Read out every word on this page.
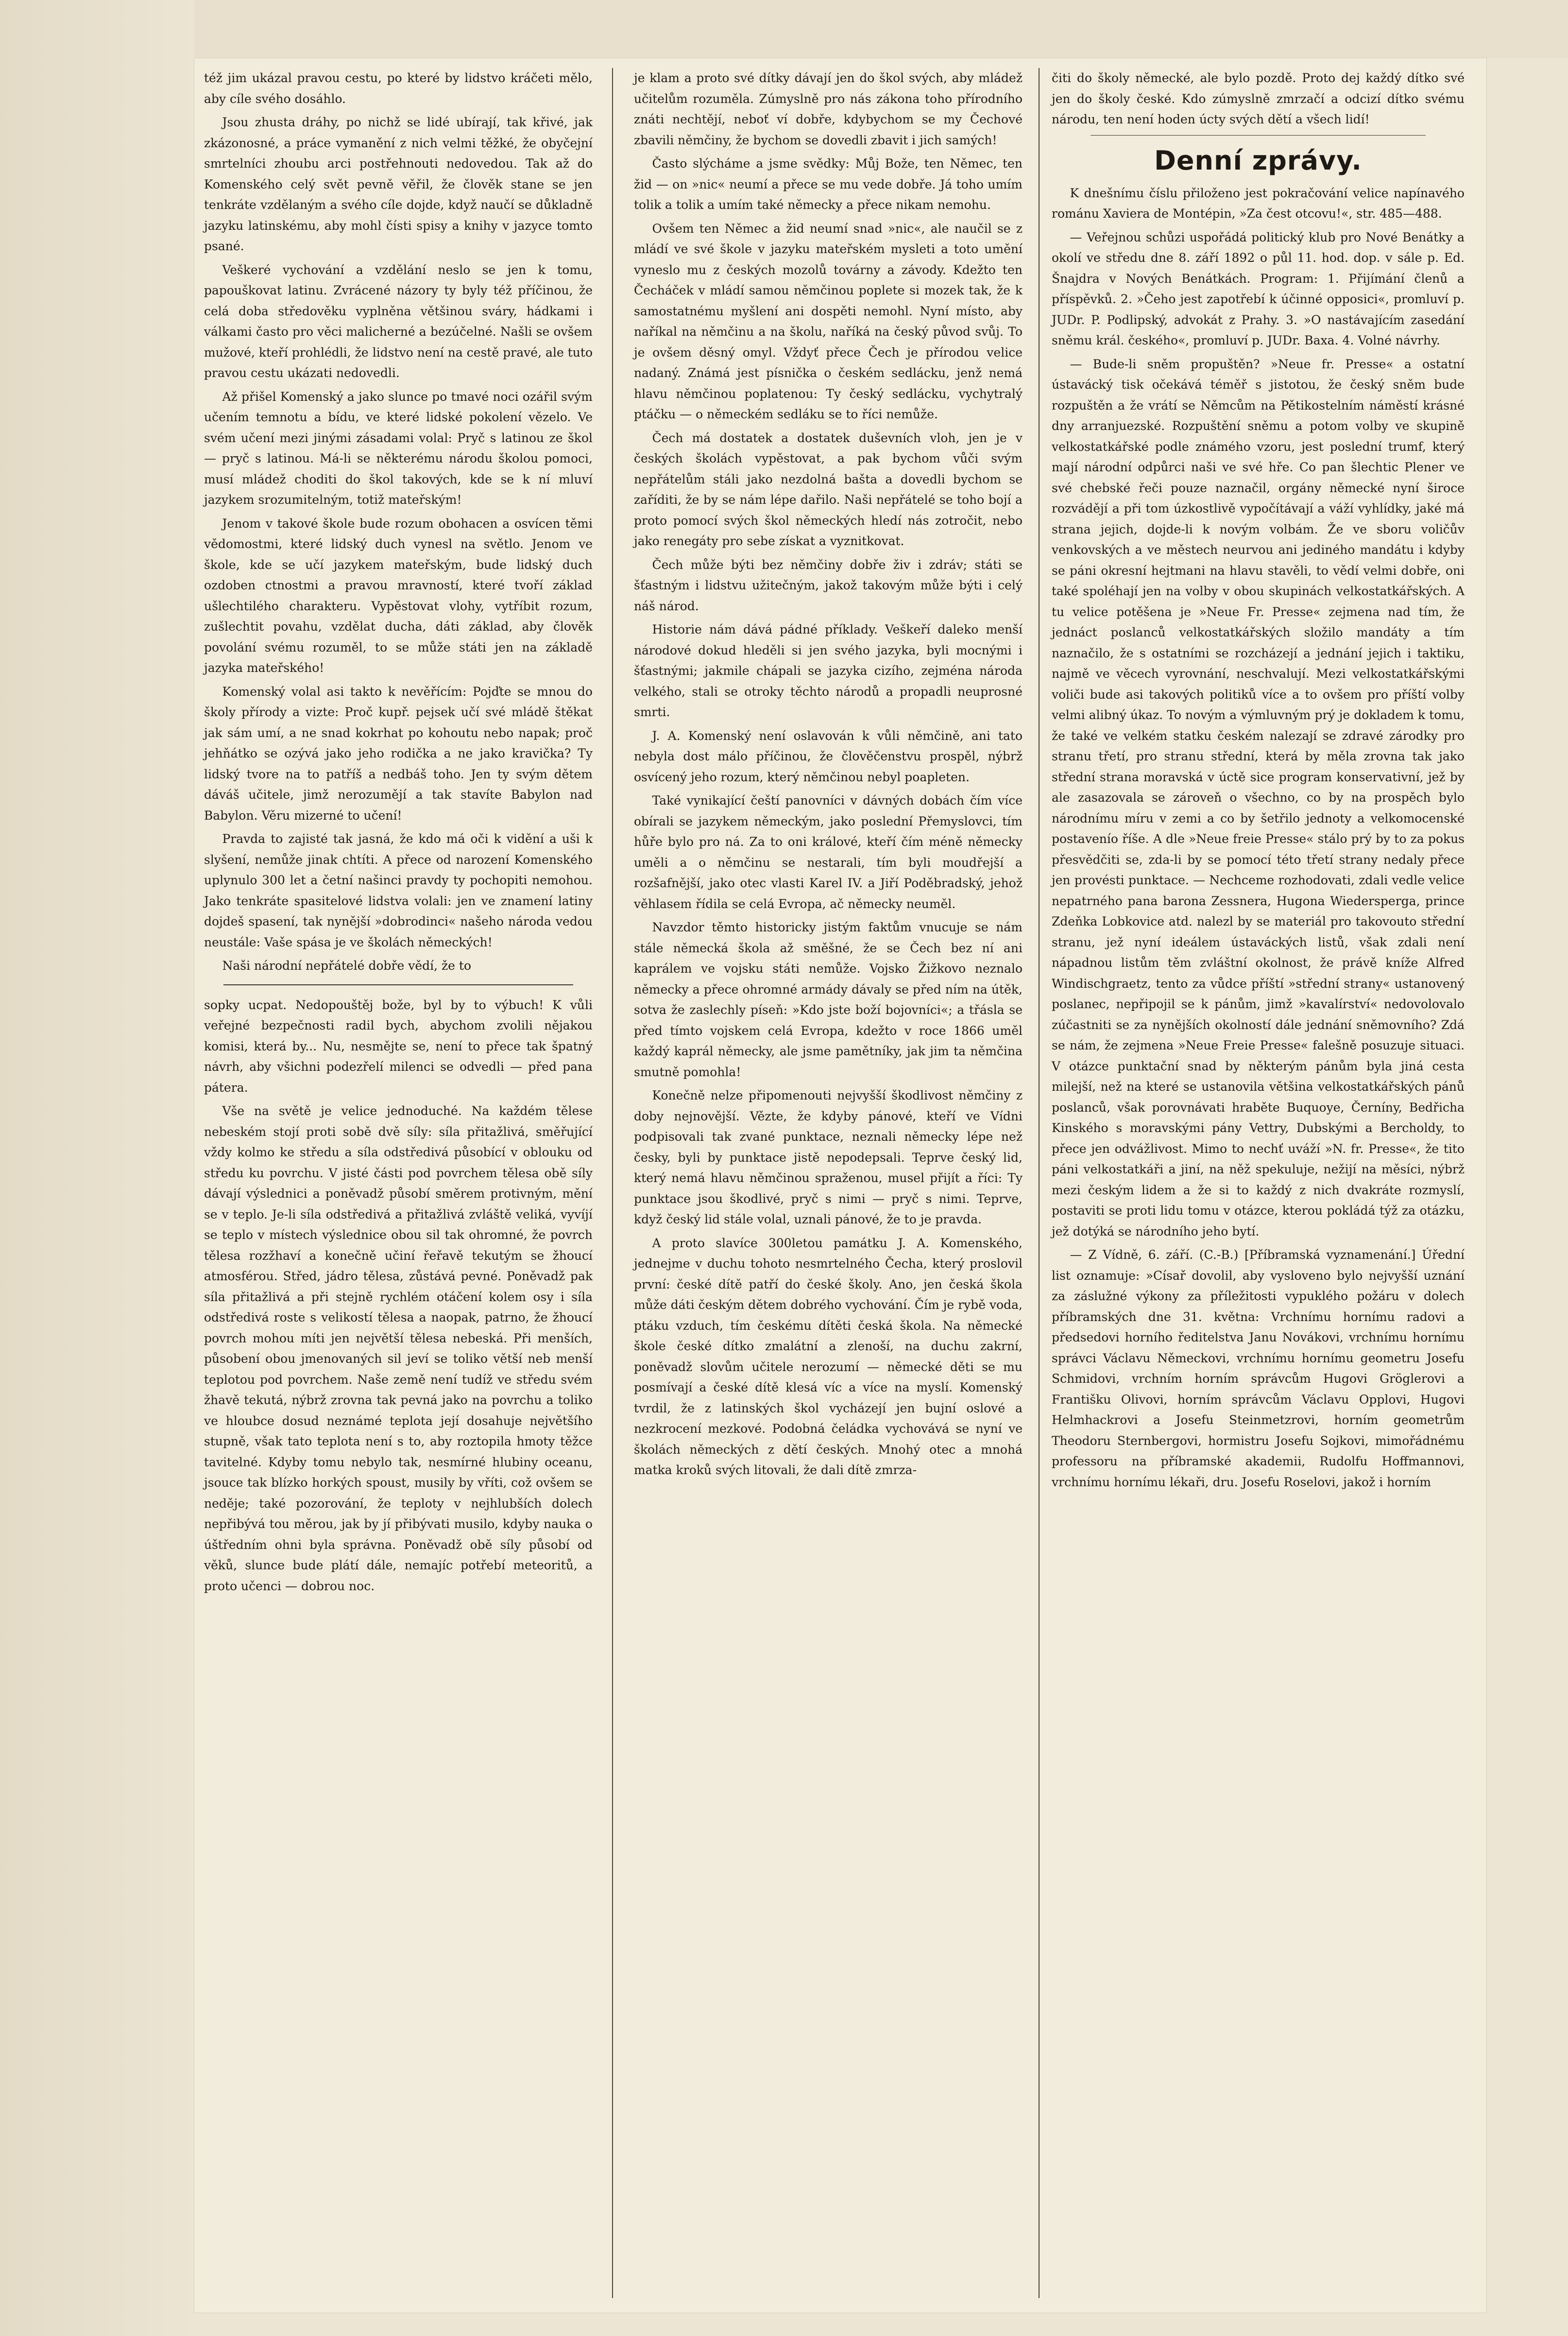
též jim ukázal pravou cestu, po které by lidstvo kráčeti mělo, aby cíle svého dosáhlo.

Jsou zhusta dráhy, po nichž se lidé ubírají, tak křivé, jak zkázonosné, a práce vymanění z nich velmi těžké, že obyčejní smrtelníci zhoubu arci postřehnouti nedovedou. Tak až do Komenského celý svět pevně věřil, že člověk stane se jen tenkráte vzdělaným a svého cíle dojde, když naučí se důkladně jazyku latinskému, aby mohl čísti spisy a knihy v jazyce tomto psané.

Veškeré vychování a vzdělání neslo se jen k tomu, papouškovat latinu. Zvrácené názory ty byly též příčinou, že celá doba středověku vyplněna většinou sváry, hádkami i válkami často pro věci malicherné a bezúčelné. Našli se ovšem mužové, kteří prohlédli, že lidstvo není na cestě pravé, ale tuto pravou cestu ukázati nedovedli.

Až přišel Komenský a jako slunce po tmavé noci ozářil svým učením temnotu a bídu, ve které lidské pokolení vězelo. Ve svém učení mezi jinými zásadami volal: Pryč s latinou ze škol — pryč s latinou. Má-li se některému národu školou pomoci, musí mládež choditi do škol takových, kde se k ní mluví jazykem srozumitelným, totiž mateřským!

Jenom v takové škole bude rozum obohacen a osvícen těmi vědomostmi, které lidský duch vynesl na světlo. Jenom ve škole, kde se učí jazykem mateřským, bude lidský duch ozdoben ctnostmi a pravou mravností, které tvoří základ ušlechtilého charakteru. Vypěstovat vlohy, vytříbit rozum, zušlechtit povahu, vzdělat ducha, dáti základ, aby člověk povolání svému rozuměl, to se může státi jen na základě jazyka mateřského!

Komenský volal asi takto k nevěřícím: Pojďte se mnou do školy přírody a vizte: Proč kupř. pejsek učí své mládě štěkat jak sám umí, a ne snad kokrhat po kohoutu nebo napak; proč jehňátko se ozývá jako jeho rodička a ne jako kravička? Ty lidský tvore na to patříš a nedbáš toho. Jen ty svým dětem dáváš učitele, jimž nerozumějí a tak stavíte Babylon nad Babylon. Věru mizerné to učení!

Pravda to zajisté tak jasná, že kdo má oči k vidění a uši k slyšení, nemůže jinak chtíti. A přece od narození Komenského uplynulo 300 let a četní našinci pravdy ty pochopiti nemohou. Jako tenkráte spasitelové lidstva volali: jen ve znamení latiny dojdeš spasení, tak nynější »dobrodinci« našeho národa vedou neustále: Vaše spása je ve školách německých!

Naši národní nepřátelé dobře vědí, že to

sopky ucpat. Nedopouštěj bože, byl by to výbuch! K vůli veřejné bezpečnosti radil bych, abychom zvolili nějakou komisi, která by... Nu, nesmějte se, není to přece tak špatný návrh, aby všichni podezřelí milenci se odvedli — před pana pátera.

Vše na světě je velice jednoduché. Na každém tělese nebeském stojí proti sobě dvě síly: síla přitažlivá, směřující vždy kolmo ke středu a síla odstředivá působící v oblouku od středu ku povrchu. V jisté části pod povrchem tělesa obě síly dávají výslednici a poněvadž působí směrem protivným, mění se v teplo. Je-li síla odstředivá a přitažlivá zvláště veliká, vyvíjí se teplo v místech výslednice obou sil tak ohromné, že povrch tělesa rozžhaví a konečně učiní řeřavě tekutým se žhoucí atmosférou. Střed, jádro tělesa, zůstává pevné. Poněvadž pak síla přitažlivá a při stejně rychlém otáčení kolem osy i síla odstředivá roste s velikostí tělesa a naopak, patrno, že žhoucí povrch mohou míti jen největší tělesa nebeská. Při menších, působení obou jmenovaných sil jeví se toliko větší neb menší teplotou pod povrchem. Naše země není tudíž ve středu svém žhavě tekutá, nýbrž zrovna tak pevná jako na povrchu a toliko ve hloubce dosud neznámé teplota její dosahuje největšího stupně, však tato teplota není s to, aby roztopila hmoty těžce tavitelné. Kdyby tomu nebylo tak, nesmírné hlubiny oceanu, jsouce tak blízko horkých spoust, musily by vříti, což ovšem se neděje; také pozorování, že teploty v nejhlubších dolech nepřibývá tou měrou, jak by jí přibývati musilo, kdyby nauka o úštředním ohni byla správna. Poněvadž obě síly působí od věků, slunce bude plátí dále, nemajíc potřebí meteoritů, a proto učenci — dobrou noc.

je klam a proto své dítky dávají jen do škol svých, aby mládež učitelům rozuměla. Zúmyslně pro nás zákona toho přírodního znáti nechtějí, neboť ví dobře, kdybychom se my Čechové zbavili němčiny, že bychom se dovedli zbavit i jich samých!

Často slýcháme a jsme svědky: Můj Bože, ten Němec, ten žid — on »nic« neumí a přece se mu vede dobře. Já toho umím tolik a tolik a umím také německy a přece nikam nemohu.

Ovšem ten Němec a žid neumí snad »nic«, ale naučil se z mládí ve své škole v jazyku mateřském mysleti a toto umění vyneslo mu z českých mozolů továrny a závody. Kdežto ten Čecháček v mládí samou němčinou poplete si mozek tak, že k samostatnému myšlení ani dospěti nemohl. Nyní místo, aby naříkal na němčinu a na školu, naříká na český původ svůj. To je ovšem děsný omyl. Vždyť přece Čech je přírodou velice nadaný. Známá jest písnička o českém sedlácku, jenž nemá hlavu němčinou poplatenou: Ty český sedlácku, vychytralý ptáčku — o německém sedláku se to říci nemůže.

Čech má dostatek a dostatek duševních vloh, jen je v českých školách vypěstovat, a pak bychom vůči svým nepřátelům stáli jako nezdolná bašta a dovedli bychom se zaříditi, že by se nám lépe dařilo. Naši nepřátelé se toho bojí a proto pomocí svých škol německých hledí nás zotročit, nebo jako renegáty pro sebe získat a vyznitkovat.

Čech může býti bez němčiny dobře živ i zdráv; státi se šťastným i lidstvu užitečným, jakož takovým může býti i celý náš národ.

Historie nám dává pádné příklady. Veškeří daleko menší národové dokud hleděli si jen svého jazyka, byli mocnými i šťastnými; jakmile chápali se jazyka cizího, zejména národa velkého, stali se otroky těchto národů a propadli neuprosné smrti.

J. A. Komenský není oslavován k vůli němčině, ani tato nebyla dost málo příčinou, že člověčenstvu prospěl, nýbrž osvícený jeho rozum, který němčinou nebyl poapleten.

Také vynikající čeští panovníci v dávných dobách čím více obírali se jazykem německým, jako poslední Přemyslovci, tím hůře bylo pro ná. Za to oni králové, kteří čím méně německy uměli a o němčinu se nestarali, tím byli moudřejší a rozšafnější, jako otec vlasti Karel IV. a Jiří Poděbradský, jehož věhlasem řídila se celá Evropa, ač německy neuměl.

Navzdor těmto historicky jistým faktům vnucuje se nám stále německá škola až směšné, že se Čech bez ní ani kaprálem ve vojsku státi nemůže. Vojsko Žižkovo neznalo německy a přece ohromné armády dávaly se před ním na útěk, sotva že zaslechly píseň: »Kdo jste boží bojovníci«; a třásla se před tímto vojskem celá Evropa, kdežto v roce 1866 uměl každý kaprál německy, ale jsme pamětníky, jak jim ta němčina smutně pomohla!

Konečně nelze připomenouti nejvyšší škodlivost němčiny z doby nejnovější. Vězte, že kdyby pánové, kteří ve Vídni podpisovali tak zvané punktace, neznali německy lépe než česky, byli by punktace jistě nepodepsali. Teprve český lid, který nemá hlavu němčinou spraženou, musel přijít a říci: Ty punktace jsou škodlivé, pryč s nimi — pryč s nimi. Teprve, když český lid stále volal, uznali pánové, že to je pravda.

A proto slavíce 300letou památku J. A. Komenského, jednejme v duchu tohoto nesmrtelného Čecha, který proslovil první: české dítě patří do české školy. Ano, jen česká škola může dáti českým dětem dobrého vychování. Čím je rybě voda, ptáku vzduch, tím českému dítěti česká škola. Na německé škole české dítko zmalátní a zlenoší, na duchu zakrní, poněvadž slovům učitele nerozumí — německé děti se mu posmívají a české dítě klesá víc a více na myslí. Komenský tvrdil, že z latinských škol vycházejí jen bujní oslové a nezkrocení mezkové. Podobná čeládka vychovává se nyní ve školách německých z dětí českých. Mnohý otec a mnohá matka kroků svých litovali, že dali dítě zmrza-

čiti do školy německé, ale bylo pozdě. Proto dej každý dítko své jen do školy české. Kdo zúmyslně zmrzačí a odcizí dítko svému národu, ten není hoden úcty svých dětí a všech lidí!

Denní zprávy.

K dnešnímu číslu přiloženo jest pokračování velice napínavého románu Xaviera de Montépin, »Za čest otcovu!«, str. 485—488.

— Veřejnou schůzi uspořádá politický klub pro Nové Benátky a okolí ve středu dne 8. září 1892 o půl 11. hod. dop. v sále p. Ed. Šnajdra v Nových Benátkách. Program: 1. Přijímání členů a příspěvků. 2. »Čeho jest zapotřebí k účinné opposici«, promluví p. JUDr. P. Podlipský, advokát z Prahy. 3. »O nastávajícím zasedání sněmu král. českého«, promluví p. JUDr. Baxa. 4. Volné návrhy.

— Bude-li sněm propuštěn? »Neue fr. Presse« a ostatní ústavácký tisk očekává téměř s jistotou, že český sněm bude rozpuštěn a že vrátí se Němcům na Pětikostelním náměstí krásné dny arranjuezské. Rozpuštění sněmu a potom volby ve skupině velkostatkářské podle známého vzoru, jest poslední trumf, který mají národní odpůrci naši ve své hře. Co pan šlechtic Plener ve své chebské řeči pouze naznačil, orgány německé nyní široce rozvádějí a při tom úzkostlivě vypočítávají a váží vyhlídky, jaké má strana jejich, dojde-li k novým volbám. Že ve sboru voličův venkovských a ve městech neurvou ani jediného mandátu i kdyby se páni okresní hejtmani na hlavu stavěli, to vědí velmi dobře, oni také spoléhají jen na volby v obou skupinách velkostatkářských. A tu velice potěšena je »Neue Fr. Presse« zejmena nad tím, že jednáct poslanců velkostatkářských složilo mandáty a tím naznačilo, že s ostatními se rozcházejí a jednání jejich i taktiku, najmě ve věcech vyrovnání, neschvalují. Mezi velkostatkářskými voliči bude asi takových politiků více a to ovšem pro příští volby velmi alibný úkaz. To novým a výmluvným prý je dokladem k tomu, že také ve velkém statku českém nalezají se zdravé zárodky pro stranu třetí, pro stranu střední, která by měla zrovna tak jako střední strana moravská v úctě sice program konservativní, jež by ale zasazovala se zároveň o všechno, co by na prospěch bylo národnímu míru v zemi a co by šetřilo jednoty a velkomocenské postavenío říše. A dle »Neue freie Presse« stálo prý by to za pokus přesvědčiti se, zda-li by se pomocí této třetí strany nedaly přece jen provésti punktace. — Nechceme rozhodovati, zdali vedle velice nepatrného pana barona Zessnera, Hugona Wiedersperga, prince Zdeňka Lobkovice atd. nalezl by se materiál pro takovouto střední stranu, jež nyní ideálem ústaváckých listů, však zdali není nápadnou listům těm zvláštní okolnost, že právě kníže Alfred Windischgraetz, tento za vůdce příští »střední strany« ustanovený poslanec, nepřipojil se k pánům, jimž »kavalírství« nedovolovalo zúčastniti se za nynějších okolností dále jednání sněmovního? Zdá se nám, že zejmena »Neue Freie Presse« falešně posuzuje situaci. V otázce punktační snad by některým pánům byla jiná cesta milejší, než na které se ustanovila většina velkostatkářských pánů poslanců, však porovnávati hraběte Buquoye, Černíny, Bedřicha Kinského s moravskými pány Vettry, Dubskými a Bercholdy, to přece jen odvážlivost. Mimo to nechť uváží »N. fr. Presse«, že tito páni velkostatkáři a jiní, na něž spekuluje, nežijí na měsíci, nýbrž mezi českým lidem a že si to každý z nich dvakráte rozmyslí, postaviti se proti lidu tomu v otázce, kterou pokládá týž za otázku, jež dotýká se národního jeho bytí.

— Z Vídně, 6. září. (C.-B.) [Příbramská vyznamenání.] Úřední list oznamuje: »Císař dovolil, aby vysloveno bylo nejvyšší uznání za záslužné výkony za příležitosti vypuklého požáru v dolech příbramských dne 31. května: Vrchnímu hornímu radovi a předsedovi horního ředitelstva Janu Novákovi, vrchnímu hornímu správci Václavu Německovi, vrchnímu hornímu geometru Josefu Schmidovi, vrchním horním správcům Hugovi Gröglerovi a Františku Olivovi, horním správcům Václavu Opplovi, Hugovi Helmhackrovi a Josefu Steinmetzrovi, horním geometrům Theodoru Sternbergovi, hormistru Josefu Sojkovi, mimořádnému professoru na příbramské akademii, Rudolfu Hoffmannovi, vrchnímu hornímu lékaři, dru. Josefu Roselovi, jakož i horním
